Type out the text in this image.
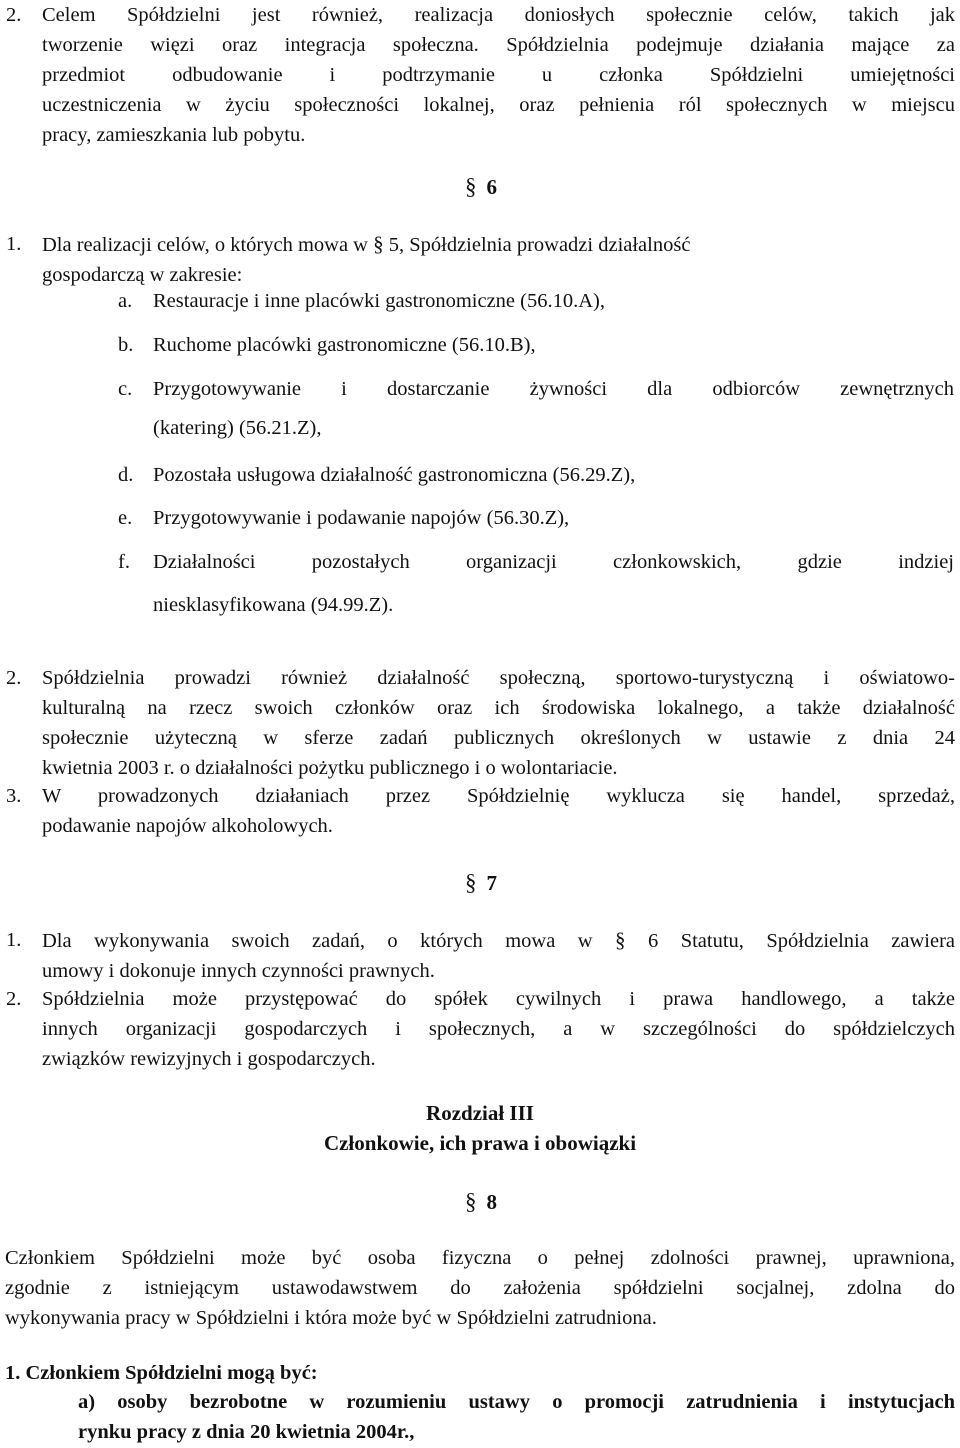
2. Celem Spółdzielni jest również, realizacja doniosłych społecznie celów, takich jak
tworzenie więzi oraz integracja społeczna. Spółdzielnia podejmuje działania mające za
przedmiot odbudowanie i podtrzymanie u członka Spółdzielni umiejętności
uczestniczenia w życiu społeczności lokalnej, oraz pełnienia ról społecznych w miejscu
pracy, zamieszkania lub pobytu.
§ 6
1. Dla realizacji celów, o których mowa w § 5, Spółdzielnia prowadzi działalność
gospodarczą w zakresie:
a. Restauracje i inne placówki gastronomiczne (56.10.A),
b. Ruchome placówki gastronomiczne (56.10.B),
c. Przygotowywanie i dostarczanie żywności dla odbiorców zewnętrznych
(katering) (56.21.Z),
d. Pozostała usługowa działalność gastronomiczna (56.29.Z),
e. Przygotowywanie i podawanie napojów (56.30.Z),
f. Działalności pozostałych organizacji członkowskich, gdzie indziej
niesklasyfikowana (94.99.Z).
2. Spółdzielnia prowadzi również działalność społeczną, sportowo-turystyczną i oświatowo-
kulturalną na rzecz swoich członków oraz ich środowiska lokalnego, a także działalność
społecznie użyteczną w sferze zadań publicznych określonych w ustawie z dnia 24
kwietnia 2003 r. o działalności pożytku publicznego i o wolontariacie.
3. W prowadzonych działaniach przez Spółdzielnię wyklucza się handel, sprzedaż,
podawanie napojów alkoholowych.
§ 7
1. Dla wykonywania swoich zadań, o których mowa w § 6 Statutu, Spółdzielnia zawiera
umowy i dokonuje innych czynności prawnych.
2. Spółdzielnia może przystępować do spółek cywilnych i prawa handlowego, a także
innych organizacji gospodarczych i społecznych, a w szczególności do spółdzielczych
związków rewizyjnych i gospodarczych.
Rozdział III
Członkowie, ich prawa i obowiązki
§ 8
Członkiem Spółdzielni może być osoba fizyczna o pełnej zdolności prawnej, uprawniona,
zgodnie z istniejącym ustawodawstwem do założenia spółdzielni socjalnej, zdolna do
wykonywania pracy w Spółdzielni i która może być w Spółdzielni zatrudniona.
1. Członkiem Spółdzielni mogą być:
a) osoby bezrobotne w rozumieniu ustawy o promocji zatrudnienia i instytucjach
rynku pracy z dnia 20 kwietnia 2004r.,
